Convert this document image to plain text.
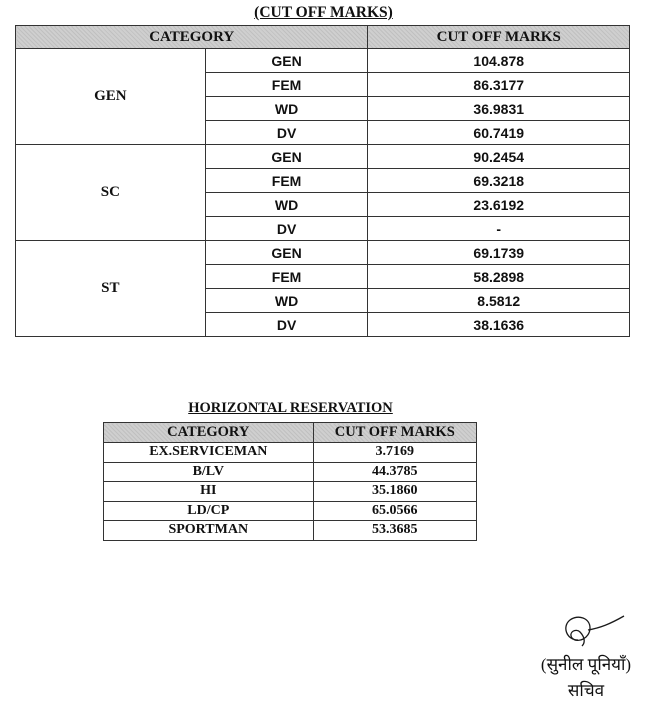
(CUT OFF MARKS)
CATEGORY		CUT OFF MARKS
GEN	GEN	104.878
	FEM	86.3177
	WD	36.9831
	DV	60.7419
SC	GEN	90.2454
	FEM	69.3218
	WD	23.6192
	DV	-
ST	GEN	69.1739
	FEM	58.2898
	WD	8.5812
	DV	38.1636
HORIZONTAL RESERVATION
CATEGORY	CUT OFF MARKS
EX.SERVICEMAN	3.7169
B/LV	44.3785
HI	35.1860
LD/CP	65.0566
SPORTMAN	53.3685
(सुनील पूनियाँ)
सचिव
